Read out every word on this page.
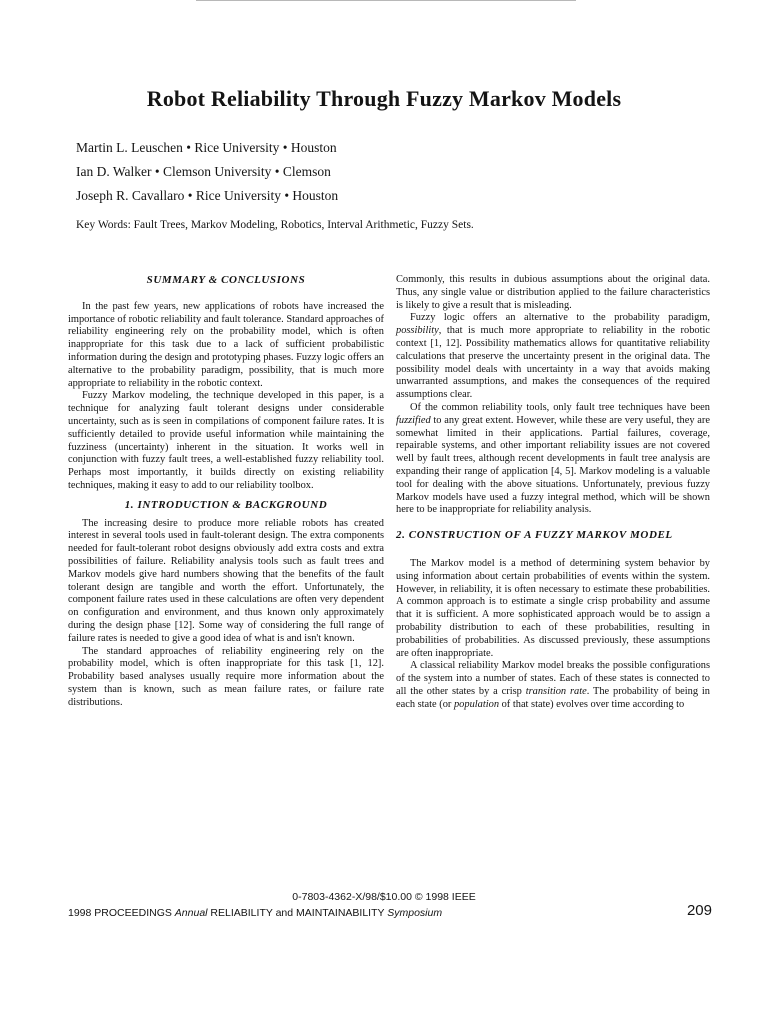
Robot Reliability Through Fuzzy Markov Models
Martin L. Leuschen • Rice University • Houston
Ian D. Walker • Clemson University • Clemson
Joseph R. Cavallaro • Rice University • Houston
Key Words: Fault Trees, Markov Modeling, Robotics, Interval Arithmetic, Fuzzy Sets.
SUMMARY & CONCLUSIONS

In the past few years, new applications of robots have increased the importance of robotic reliability and fault tolerance. Standard approaches of reliability engineering rely on the probability model, which is often inappropriate for this task due to a lack of sufficient probabilistic information during the design and prototyping phases. Fuzzy logic offers an alternative to the probability paradigm, possibility, that is much more appropriate to reliability in the robotic context.

Fuzzy Markov modeling, the technique developed in this paper, is a technique for analyzing fault tolerant designs under considerable uncertainty, such as is seen in compilations of component failure rates. It is sufficiently detailed to provide useful information while maintaining the fuzziness (uncertainty) inherent in the situation. It works well in conjunction with fuzzy fault trees, a well-established fuzzy reliability tool. Perhaps most importantly, it builds directly on existing reliability techniques, making it easy to add to our reliability toolbox.

1. INTRODUCTION & BACKGROUND

The increasing desire to produce more reliable robots has created interest in several tools used in fault-tolerant design. The extra components needed for fault-tolerant robot designs obviously add extra costs and extra possibilities of failure. Reliability analysis tools such as fault trees and Markov models give hard numbers showing that the benefits of the fault tolerant design are tangible and worth the effort. Unfortunately, the component failure rates used in these calculations are often very dependent on configuration and environment, and thus known only approximately during the design phase [12]. Some way of considering the full range of failure rates is needed to give a good idea of what is and isn't known.

The standard approaches of reliability engineering rely on the probability model, which is often inappropriate for this task [1, 12]. Probability based analyses usually require more information about the system than is known, such as mean failure rates, or failure rate distributions.

Commonly, this results in dubious assumptions about the original data. Thus, any single value or distribution applied to the failure characteristics is likely to give a result that is misleading.

Fuzzy logic offers an alternative to the probability paradigm, possibility, that is much more appropriate to reliability in the robotic context [1, 12]. Possibility mathematics allows for quantitative reliability calculations that preserve the uncertainty present in the original data. The possibility model deals with uncertainty in a way that avoids making unwarranted assumptions, and makes the consequences of the required assumptions clear.

Of the common reliability tools, only fault tree techniques have been fuzzified to any great extent. However, while these are very useful, they are somewhat limited in their applications. Partial failures, coverage, repairable systems, and other important reliability issues are not covered well by fault trees, although recent developments in fault tree analysis are expanding their range of application [4, 5]. Markov modeling is a valuable tool for dealing with the above situations. Unfortunately, previous fuzzy Markov models have used a fuzzy integral method, which will be shown here to be inappropriate for reliability analysis.

2. CONSTRUCTION OF A FUZZY MARKOV MODEL

The Markov model is a method of determining system behavior by using information about certain probabilities of events within the system. However, in reliability, it is often necessary to estimate these probabilities. A common approach is to estimate a single crisp probability and assume that it is sufficient. A more sophisticated approach would be to assign a probability distribution to each of these probabilities, resulting in probabilities of probabilities. As discussed previously, these assumptions are often inappropriate.

A classical reliability Markov model breaks the possible configurations of the system into a number of states. Each of these states is connected to all the other states by a crisp transition rate. The probability of being in each state (or population of that state) evolves over time according to

0-7803-4362-X/98/$10.00 © 1998 IEEE
1998 PROCEEDINGS Annual RELIABILITY and MAINTAINABILITY Symposium	209
